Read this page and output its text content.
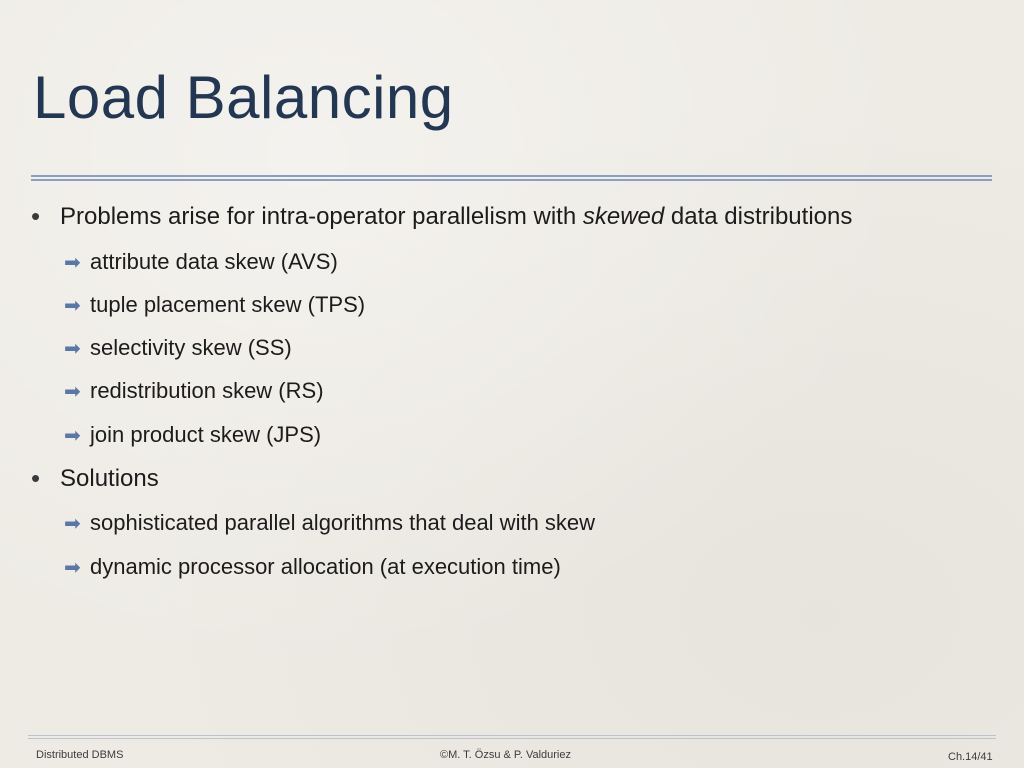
Load Balancing
• Problems arise for intra-operator parallelism with skewed data distributions
➡ attribute data skew (AVS)
➡ tuple placement skew (TPS)
➡ selectivity skew (SS)
➡ redistribution skew (RS)
➡ join product skew (JPS)
• Solutions
➡ sophisticated parallel algorithms that deal with skew
➡ dynamic processor allocation (at execution time)
Distributed DBMS	©M. T. Özsu & P. Valduriez	Ch.14/41
